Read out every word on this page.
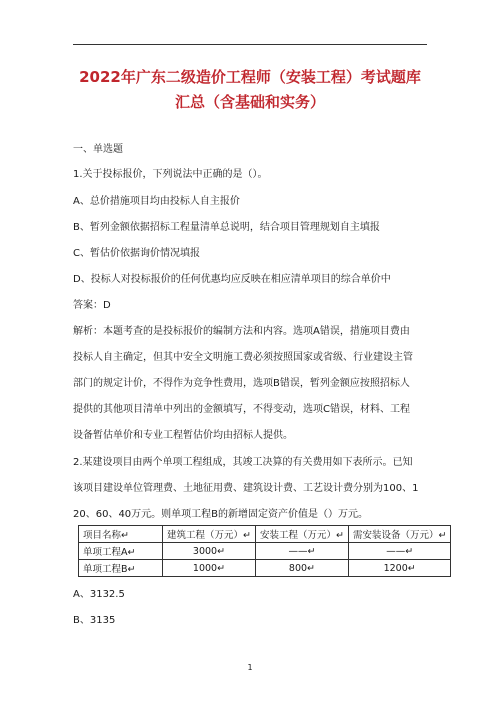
2022年广东二级造价工程师（安装工程）考试题库
汇总（含基础和实务）
一、单选题
1.关于投标报价，下列说法中正确的是（）。
A、总价措施项目均由投标人自主报价
B、暂列金额依据招标工程量清单总说明，结合项目管理规划自主填报
C、暂估价依据询价情况填报
D、投标人对投标报价的任何优惠均应反映在相应清单项目的综合单价中
答案：D
解析：本题考查的是投标报价的编制方法和内容。选项A错误，措施项目费由
投标人自主确定，但其中安全文明施工费必须按照国家或省级、行业建设主管
部门的规定计价，不得作为竞争性费用，选项B错误，暂列金额应按照招标人
提供的其他项目清单中列出的金额填写，不得变动，选项C错误，材料、工程
设备暂估单价和专业工程暂估价均由招标人提供。
2.某建设项目由两个单项工程组成，其竣工决算的有关费用如下表所示。已知
该项目建设单位管理费、土地征用费、建筑设计费、工艺设计费分别为100、1
20、60、40万元。则单项工程B的新增固定资产价值是（）万元。
项目名称↵	建筑工程（万元）↵	安装工程（万元）↵	需安装设备（万元）↵
单项工程A↵	3000↵	——↵	——↵
单项工程B↵	1000↵	800↵	1200↵
A、3132.5
B、3135
1
